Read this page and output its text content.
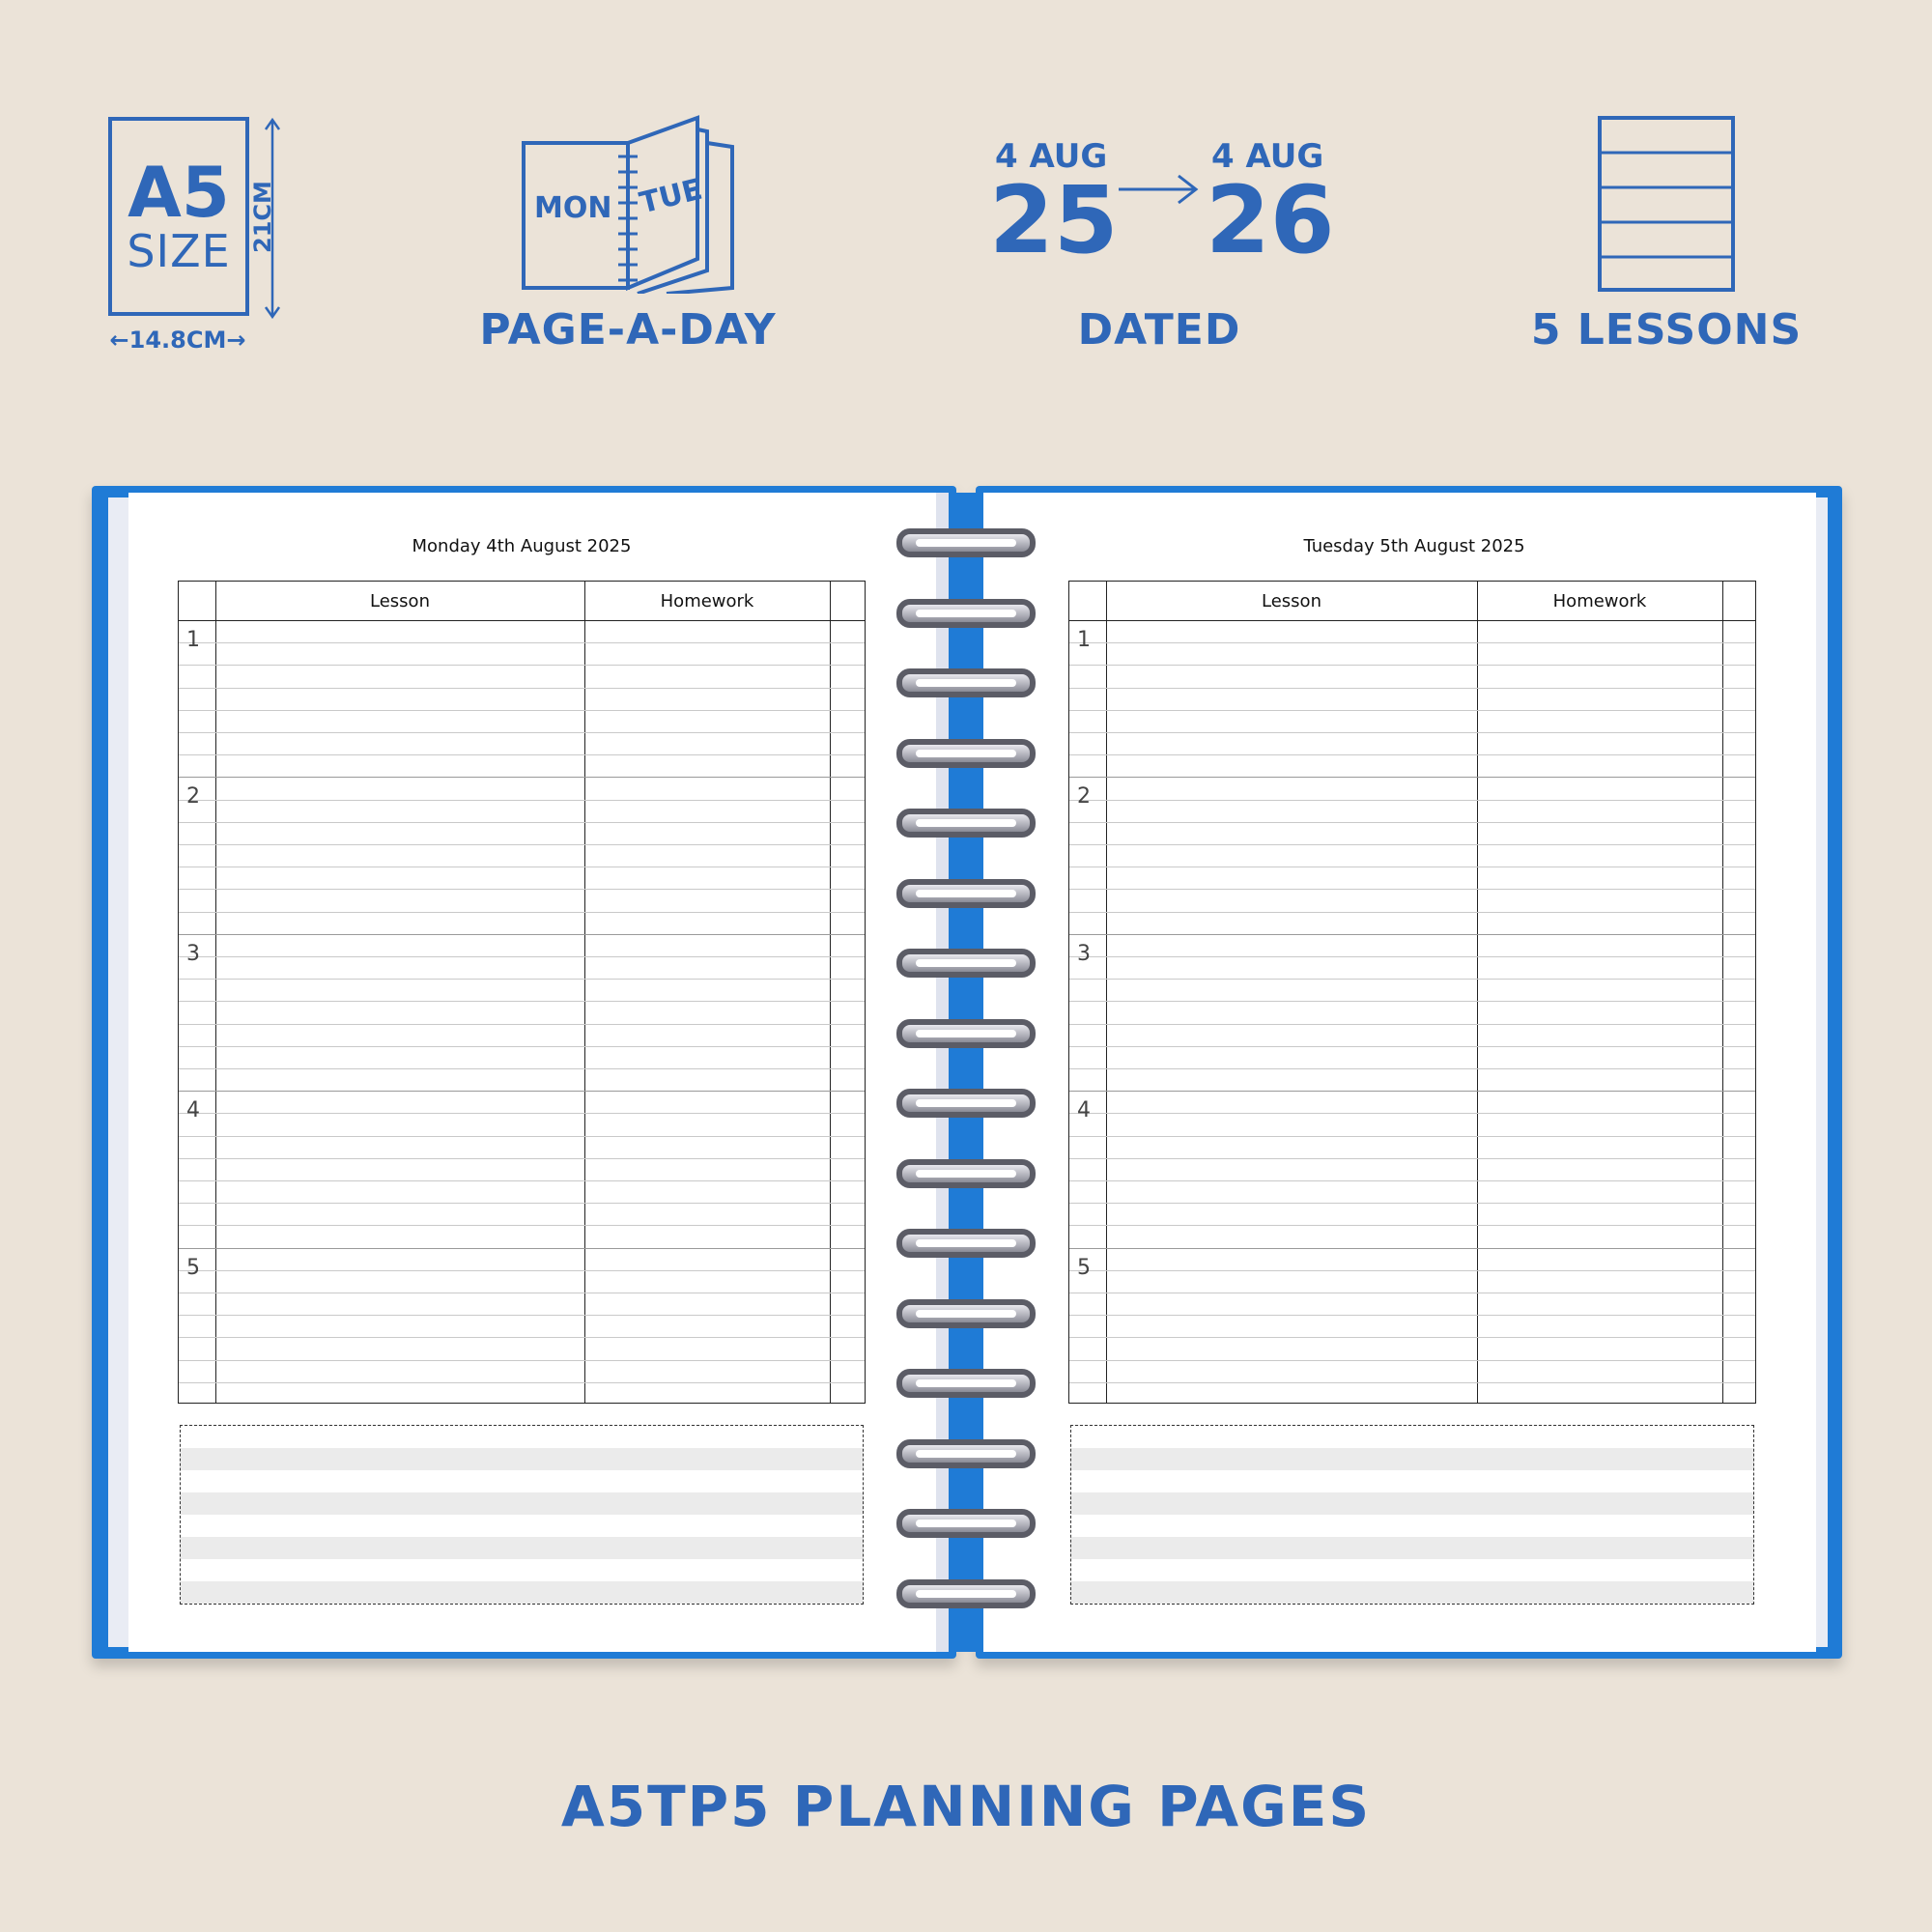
A5
SIZE 21CM
←14.8CM→
MON TUE
PAGE-A-DAY
4 AUG
25
4 AUG
26
DATED	5 LESSONS
Monday 4th August 2025
Lesson	Homework
1
2
3
4
5
Tuesday 5th August 2025
Lesson	Homework
1
2
3
4
5
A5TP5 PLANNING PAGES
